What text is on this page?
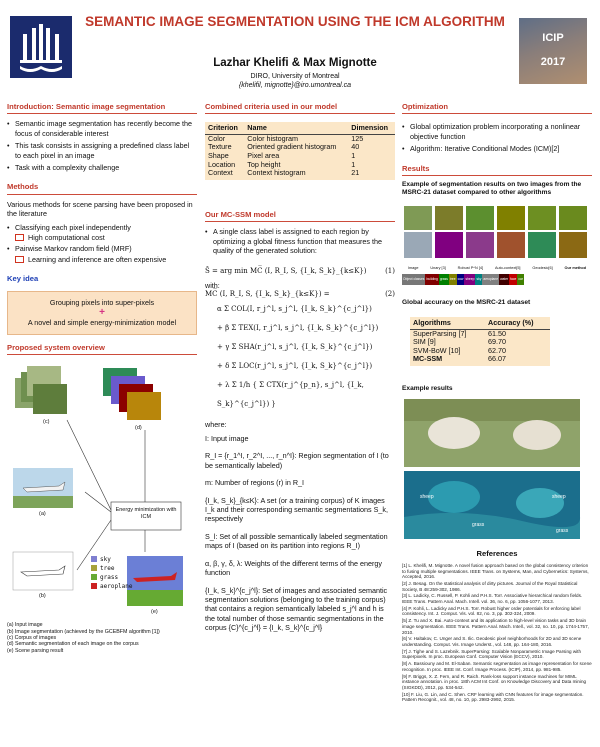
SEMANTIC IMAGE SEGMENTATION USING THE ICM ALGORITHM
Lazhar Khelifi & Max Mignotte
DIRO, University of Montreal
{khelifil, mignotte}@iro.umontreal.ca
ICIP
2017
Introduction: Semantic image segmentation
• Semantic image segmentation has recently become the focus of considerable interest
• This task consists in assigning a predefined class label to each pixel in an image
• Task with a complexity challenge
Methods
Various methods for scene parsing have been proposed in the literature
• Classifying each pixel independently
High computational cost
• Pairwise Markov random field (MRF)
Learning and inference are often expensive
Key idea
Grouping pixels into super-pixels
+
A novel and simple energy-minimization model
Proposed system overview
(c)
(d)
(a)
(b)
(e)
Energy minimization with ICM
sky
tree
grass
aeroplane
(a) Input image
(b) Image segmentation (achieved by the GCEBFM algorithm [1])
(c) Corpus of images
(d) Semantic segmentation of each image on the corpus
(e) Scene parsing result
Combined criteria used in our model
Criterion	Name	Dimension
Color	Color histogram	125
Texture	Oriented gradient histogram	40
Shape	Pixel area	1
Location	Top height	1
Context	Context histogram	21
Our MC-SSM model
• A single class label is assigned to each region by optimizing a global fitness function that measures the quality of the generated solution:
Ŝ = arg min MC̅ (I, R_I, S, {I_k, S_k}_{k≤K})	(1)
with:
MC̅ (I, R_I, S, {I_k, S_k}_{k≤K}) =	(2)
α Σ COL(I, r_j^l, s_j^l, {I_k, S_k}^{c_j^l})
+ β Σ TEX(I, r_j^l, s_j^l, {I_k, S_k}^{c_j^l})
+ γ Σ SHA(r_j^l, s_j^l, {I_k, S_k}^{c_j^l})
+ δ Σ LOC(r_j^l, s_j^l, {I_k, S_k}^{c_j^l})
+ λ Σ 1/h { Σ CTX(r_j^{p_n}, s_j^l, {I_k, S_k}^{c_j^l}) }
where:
I: Input image
R_I = {r_1^I, r_2^I, ..., r_n^I}: Region segmentation of I (to be semantically labeled)
m: Number of regions (r) in R_I
{I_k, S_k}_{k≤K}: A set (or a training corpus) of K images I_k and their corresponding semantic segmentations S_k, respectively
S_l: Set of all possible semantically labeled segmentation maps of I (based on its partition into regions R_I)
α, β, γ, δ, λ: Weights of the different terms of the energy function
{I_k, S_k}^{c_j^l}: Set of images and associated semantic segmentation solutions (belonging to the training corpus) that contains a region semantically labeled s_j^l and h is the total number of those semantic segmentations in the corpus {C}^{c_j^l} = {I_k, S_k}^{c_j^l}
Optimization
• Global optimization problem incorporating a nonlinear objective function
• Algorithm: Iterative Conditional Modes (ICM)[2]
Results
Example of segmentation results on two images from the MSRC-21 dataset compared to other algorithms
Image	Unary [3]	Robust P^N [4]	Auto-context[5]	Geodesic[6]	Our method
Object classes building grass tree cow sheep sky aeroplane water face car
Global accuracy on the MSRC-21 dataset
Algorithms	Accuracy (%)
SuperParsing [7]	61.50
SIM [9]	69.70
SVM-BoW [10]	62.70
MC-SSM	66.07
Example results
sheep
grass
sheep
grass
References
[1] L. Khelifi, M. Mignotte. A novel fusion approach based on the global consistency criterion to fusing multiple segmentations. IEEE Trans. on Systems, Man, and Cybernetics: Systems, Accepted, 2016.
[2] J. Besag. On the statistical analysis of dirty pictures. Journal of the Royal Statistical Society, B 48:259-302, 1986.
[3] L. Ladicky, C. Russell, P. Kohli and P.H.S. Torr. Associative hierarchical random fields. IEEE Trans. Pattern Anal. Mach. Intell. vol. 36, no. 6, pp. 1056-1077, 2013.
[4] P. Kohli, L. Ladicky and P.H.S. Torr. Robust higher order potentials for enforcing label consistency. Int. J. Comput. Vis. vol. 82, no. 3, pp. 302-324, 2009.
[5] Z. Tu and X. Bai. Auto-context and its application to high-level vision tasks and 3D brain image segmentation. IEEE Trans. Pattern Anal. Mach. Intell., vol. 32, no. 10, pp. 1744-1757, 2010.
[6] V. Haltakov, C. Unger and S. Ilic. Geodesic pixel neighborhoods for 2D and 3D scene understanding. Comput. Vis. Image Underst., vol. 148, pp. 164-180, 2016.
[7] J. Tighe and S. Lazebnik. SuperParsing: Scalable Nonparametric Image Parsing with Superpixels. In proc. European Conf. Computer Vision (ECCV), 2010.
[8] A. Bassiouny and M. El-Saban. Semantic segmentation as image representation for scene recognition. In proc. IEEE Int. Conf. Image Process. (ICIP), 2014, pp. 981-985.
[9] F. Briggs, X. Z. Fern, and R. Raich. Rank-loss support instance machines for MIML instance annotation. in proc. 18th ACM Int Conf. on Knowledge Discovery and Data mining (SIGKDD), 2012, pp. 534-542.
[10] F. Liu, G. Lin, and C. Shen. CRF learning with CNN features for image segmentation. Pattern Recognit., vol. 48, no. 10, pp. 2983-2992, 2015.
